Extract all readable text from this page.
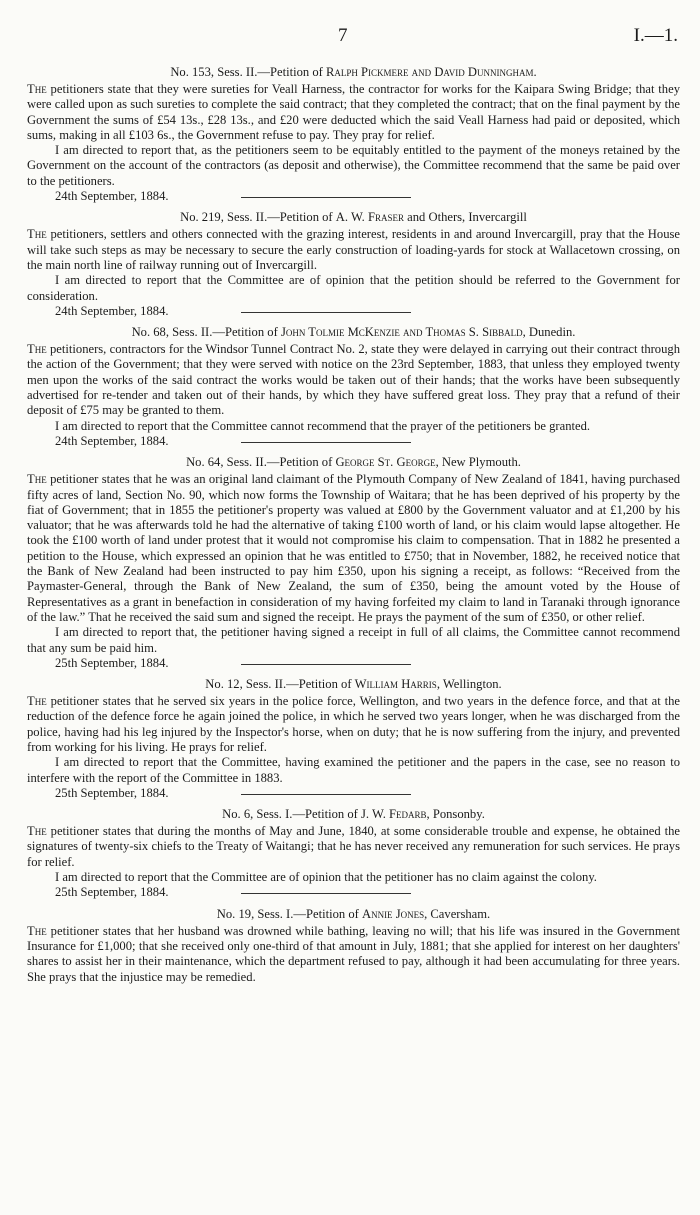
7	I.—1.
No. 153, Sess. II.—Petition of Ralph Pickmere and David Dunningham.

The petitioners state that they were sureties for Veall Harness, the contractor for works for the Kaipara Swing Bridge; that they were called upon as such sureties to complete the said contract; that they completed the contract; that on the final payment by the Government the sums of £54 13s., £28 13s., and £20 were deducted which the said Veall Harness had paid or deposited, which sums, making in all £103 6s., the Government refuse to pay. They pray for relief.

I am directed to report that, as the petitioners seem to be equitably entitled to the payment of the moneys retained by the Government on the account of the contractors (as deposit and otherwise), the Committee recommend that the same be paid over to the petitioners.

24th September, 1884.
No. 219, Sess. II.—Petition of A. W. Fraser and Others, Invercargill

The petitioners, settlers and others connected with the grazing interest, residents in and around Invercargill, pray that the House will take such steps as may be necessary to secure the early construction of loading-yards for stock at Wallacetown crossing, on the main north line of railway running out of Invercargill.

I am directed to report that the Committee are of opinion that the petition should be referred to the Government for consideration.

24th September, 1884.
No. 68, Sess. II.—Petition of John Tolmie McKenzie and Thomas S. Sibbald, Dunedin.

The petitioners, contractors for the Windsor Tunnel Contract No. 2, state they were delayed in carrying out their contract through the action of the Government; that they were served with notice on the 23rd September, 1883, that unless they employed twenty men upon the works of the said contract the works would be taken out of their hands; that the works have been subsequently advertised for re-tender and taken out of their hands, by which they have suffered great loss. They pray that a refund of their deposit of £75 may be granted to them.

I am directed to report that the Committee cannot recommend that the prayer of the petitioners be granted.

24th September, 1884.
No. 64, Sess. II.—Petition of George St. George, New Plymouth.

The petitioner states that he was an original land claimant of the Plymouth Company of New Zealand of 1841, having purchased fifty acres of land, Section No. 90, which now forms the Township of Waitara; that he has been deprived of his property by the fiat of Government; that in 1855 the petitioner's property was valued at £800 by the Government valuator and at £1,200 by his valuator; that he was afterwards told he had the alternative of taking £100 worth of land, or his claim would lapse altogether. He took the £100 worth of land under protest that it would not compromise his claim to compensation. That in 1882 he presented a petition to the House, which expressed an opinion that he was entitled to £750; that in November, 1882, he received notice that the Bank of New Zealand had been instructed to pay him £350, upon his signing a receipt, as follows: “Received from the Paymaster-General, through the Bank of New Zealand, the sum of £350, being the amount voted by the House of Representatives as a grant in benefaction in consideration of my having forfeited my claim to land in Taranaki through ignorance of the law.” That he received the said sum and signed the receipt. He prays the payment of the sum of £350, or other relief.

I am directed to report that, the petitioner having signed a receipt in full of all claims, the Committee cannot recommend that any sum be paid him.

25th September, 1884.
No. 12, Sess. II.—Petition of William Harris, Wellington.

The petitioner states that he served six years in the police force, Wellington, and two years in the defence force, and that at the reduction of the defence force he again joined the police, in which he served two years longer, when he was discharged from the police, having had his leg injured by the Inspector's horse, when on duty; that he is now suffering from the injury, and prevented from working for his living. He prays for relief.

I am directed to report that the Committee, having examined the petitioner and the papers in the case, see no reason to interfere with the report of the Committee in 1883.

25th September, 1884.
No. 6, Sess. I.—Petition of J. W. Fedarb, Ponsonby.

The petitioner states that during the months of May and June, 1840, at some considerable trouble and expense, he obtained the signatures of twenty-six chiefs to the Treaty of Waitangi; that he has never received any remuneration for such services. He prays for relief.

I am directed to report that the Committee are of opinion that the petitioner has no claim against the colony.

25th September, 1884.
No. 19, Sess. I.—Petition of Annie Jones, Caversham.

The petitioner states that her husband was drowned while bathing, leaving no will; that his life was insured in the Government Insurance for £1,000; that she received only one-third of that amount in July, 1881; that she applied for interest on her daughters' shares to assist her in their maintenance, which the department refused to pay, although it had been accumulating for three years. She prays that the injustice may be remedied.
